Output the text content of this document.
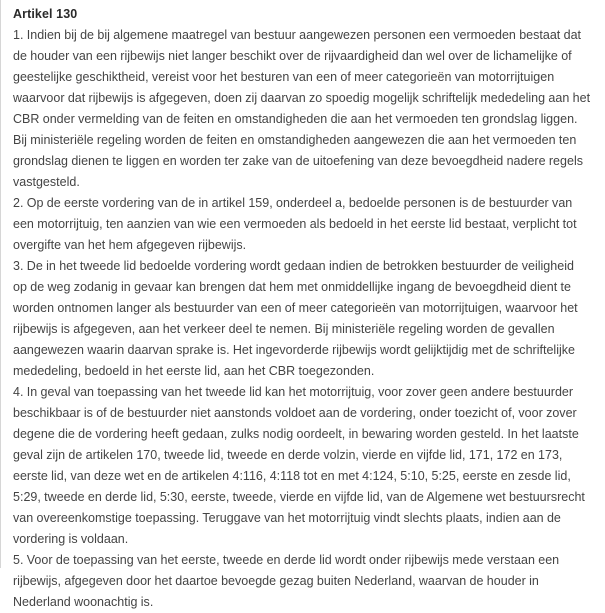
Artikel 130

1. Indien bij de bij algemene maatregel van bestuur aangewezen personen een vermoeden bestaat dat de houder van een rijbewijs niet langer beschikt over de rijvaardigheid dan wel over de lichamelijke of geestelijke geschiktheid, vereist voor het besturen van een of meer categorieën van motorrijtuigen waarvoor dat rijbewijs is afgegeven, doen zij daarvan zo spoedig mogelijk schriftelijk mededeling aan het CBR onder vermelding van de feiten en omstandigheden die aan het vermoeden ten grondslag liggen. Bij ministeriële regeling worden de feiten en omstandigheden aangewezen die aan het vermoeden ten grondslag dienen te liggen en worden ter zake van de uitoefening van deze bevoegdheid nadere regels vastgesteld.

2. Op de eerste vordering van de in artikel 159, onderdeel a, bedoelde personen is de bestuurder van een motorrijtuig, ten aanzien van wie een vermoeden als bedoeld in het eerste lid bestaat, verplicht tot overgifte van het hem afgegeven rijbewijs.

3. De in het tweede lid bedoelde vordering wordt gedaan indien de betrokken bestuurder de veiligheid op de weg zodanig in gevaar kan brengen dat hem met onmiddellijke ingang de bevoegdheid dient te worden ontnomen langer als bestuurder van een of meer categorieën van motorrijtuigen, waarvoor het rijbewijs is afgegeven, aan het verkeer deel te nemen. Bij ministeriële regeling worden de gevallen aangewezen waarin daarvan sprake is. Het ingevorderde rijbewijs wordt gelijktijdig met de schriftelijke mededeling, bedoeld in het eerste lid, aan het CBR toegezonden.

4. In geval van toepassing van het tweede lid kan het motorrijtuig, voor zover geen andere bestuurder beschikbaar is of de bestuurder niet aanstonds voldoet aan de vordering, onder toezicht of, voor zover degene die de vordering heeft gedaan, zulks nodig oordeelt, in bewaring worden gesteld. In het laatste geval zijn de artikelen 170, tweede lid, tweede en derde volzin, vierde en vijfde lid, 171, 172 en 173, eerste lid, van deze wet en de artikelen 4:116, 4:118 tot en met 4:124, 5:10, 5:25, eerste en zesde lid, 5:29, tweede en derde lid, 5:30, eerste, tweede, vierde en vijfde lid, van de Algemene wet bestuursrecht van overeenkomstige toepassing. Teruggave van het motorrijtuig vindt slechts plaats, indien aan de vordering is voldaan.

5. Voor de toepassing van het eerste, tweede en derde lid wordt onder rijbewijs mede verstaan een rijbewijs, afgegeven door het daartoe bevoegde gezag buiten Nederland, waarvan de houder in Nederland woonachtig is.
